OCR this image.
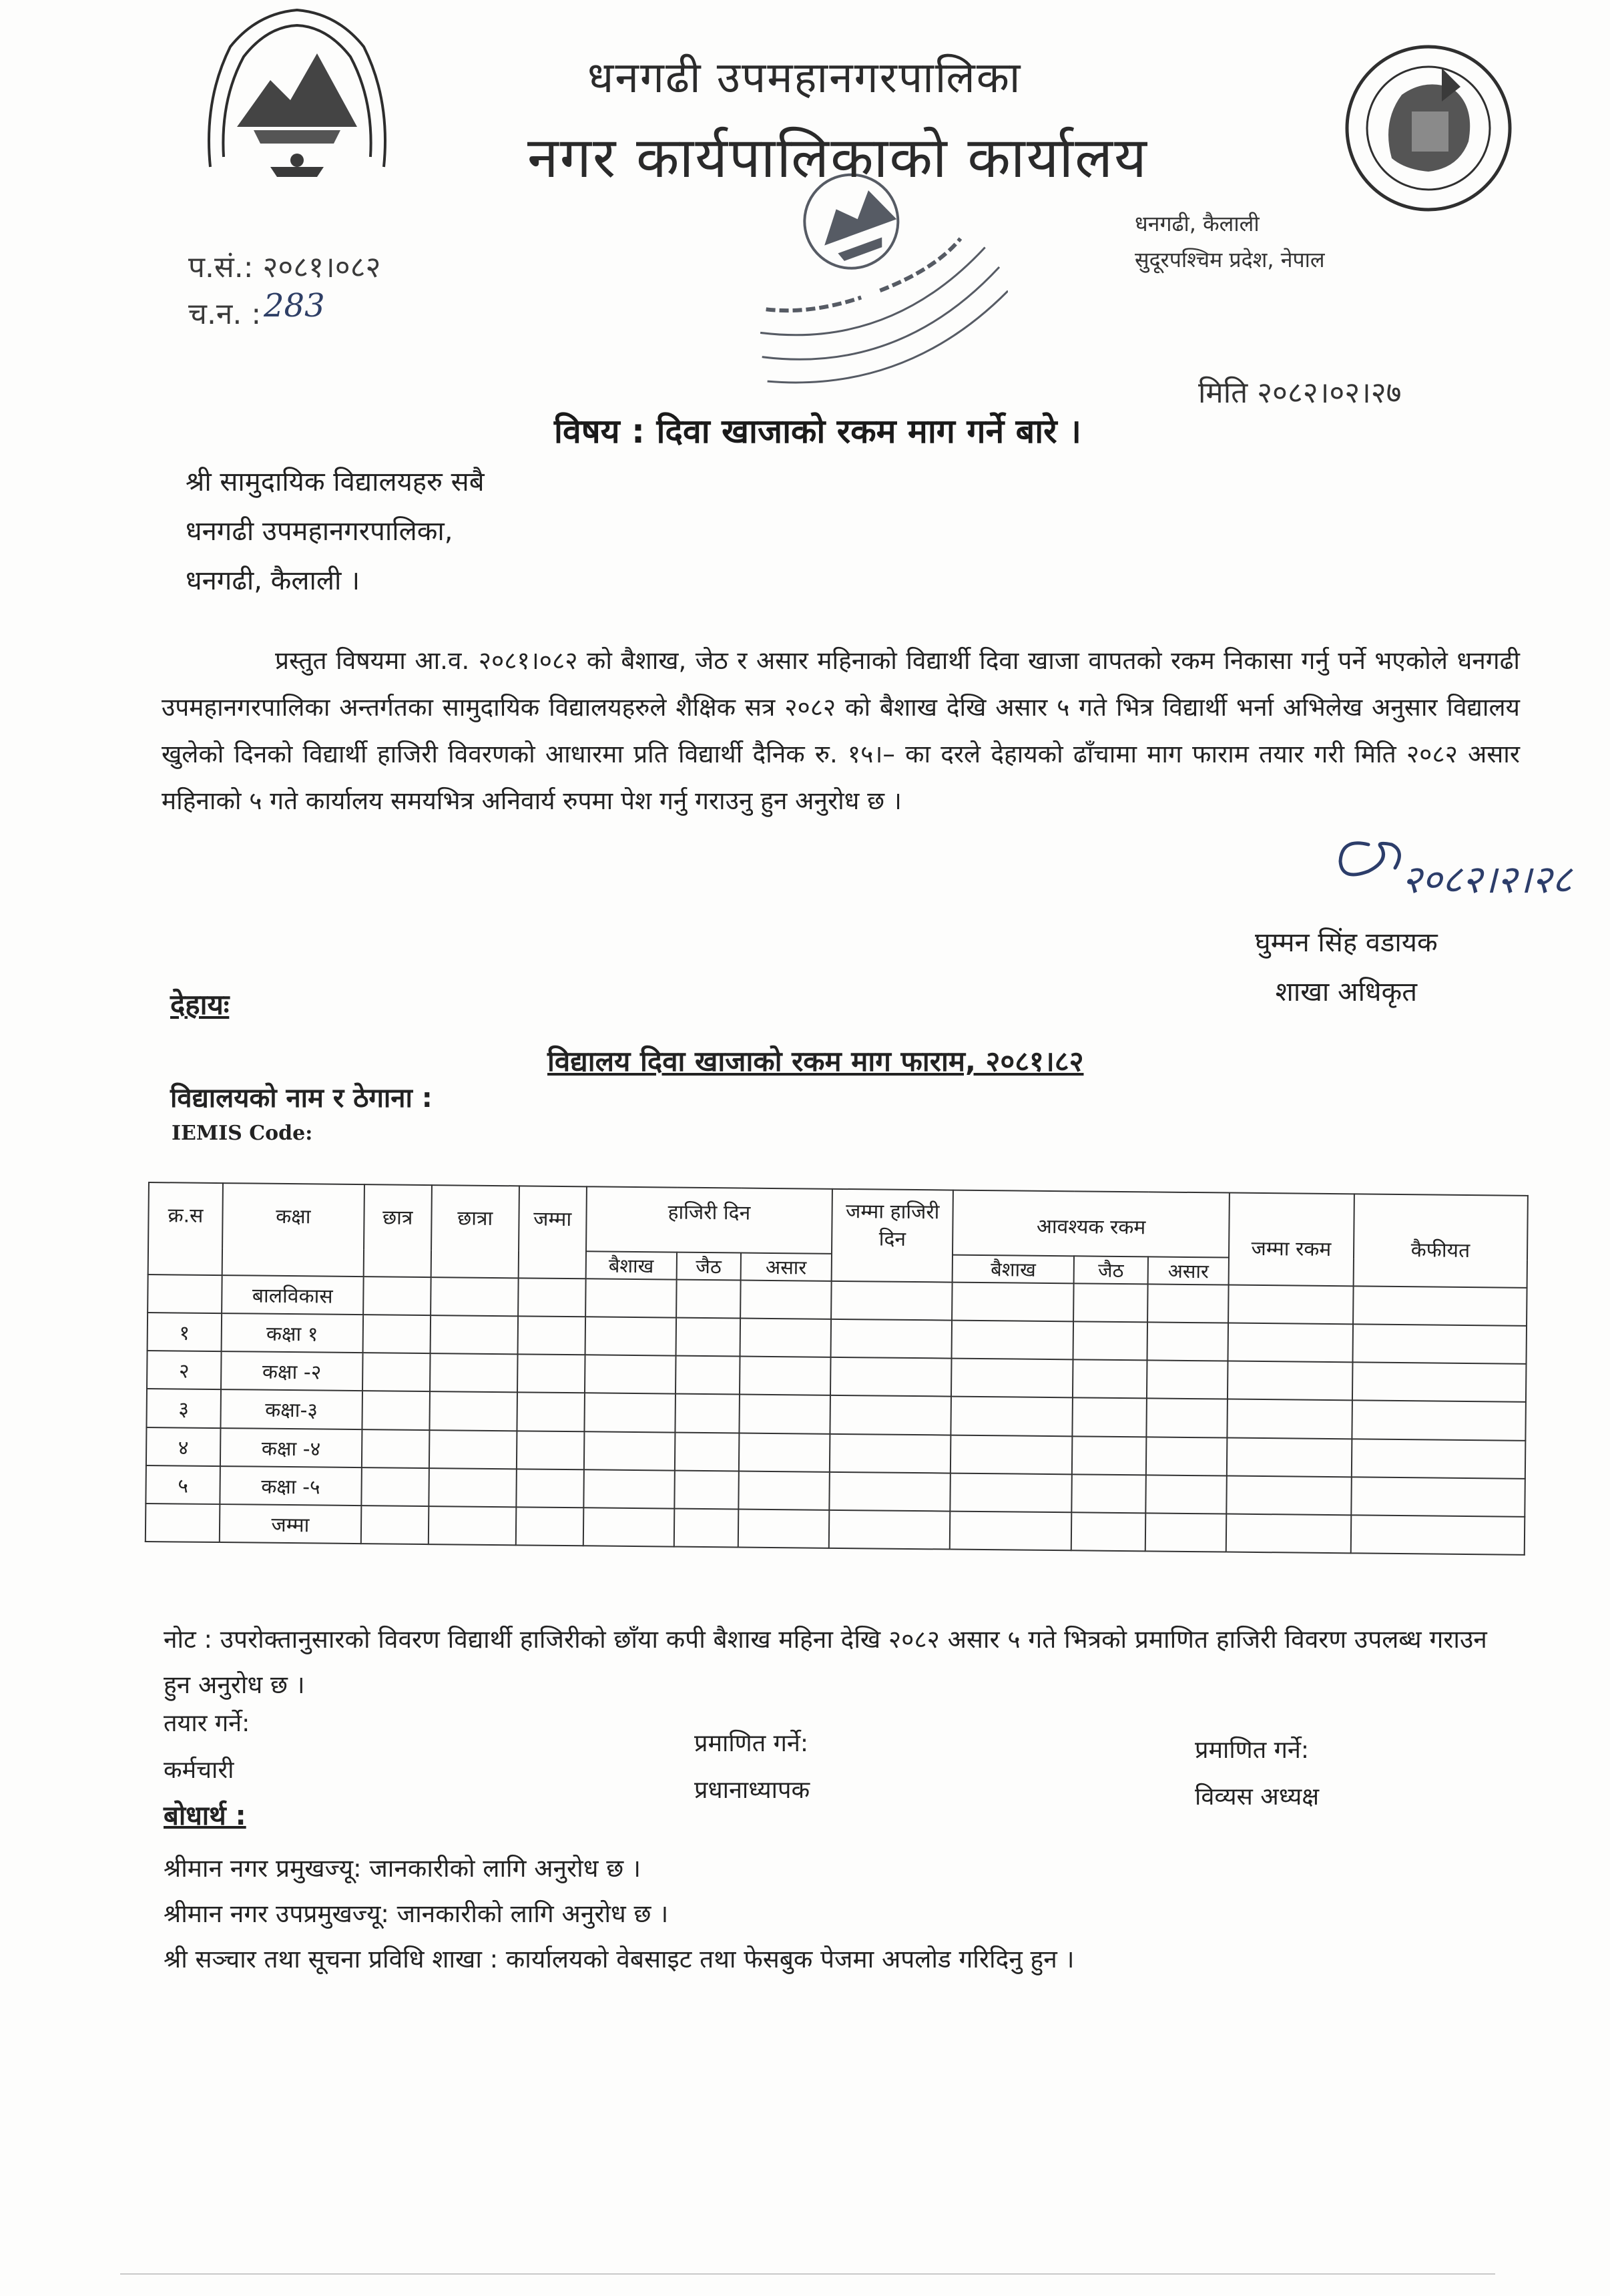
धनगढी उपमहानगरपालिका
नगर कार्यपालिकाको कार्यालय
धनगढी, कैलाली
सुदूरपश्चिम प्रदेश, नेपाल
प.सं.: २०८१।०८२
च.न. : 283
मिति २०८२।०२।२७
विषय : दिवा खाजाको रकम माग गर्ने बारे ।
श्री सामुदायिक विद्यालयहरु सबै
धनगढी उपमहानगरपालिका,
धनगढी, कैलाली ।
प्रस्तुत विषयमा आ.व. २०८१।०८२ को बैशाख, जेठ र असार महिनाको विद्यार्थी दिवा खाजा वापतको रकम निकासा गर्नु पर्ने भएकोले धनगढी उपमहानगरपालिका अन्तर्गतका सामुदायिक विद्यालयहरुले शैक्षिक सत्र २०८२ को बैशाख देखि असार ५ गते भित्र विद्यार्थी भर्ना अभिलेख अनुसार विद्यालय खुलेको दिनको विद्यार्थी हाजिरी विवरणको आधारमा प्रति विद्यार्थी दैनिक रु. १५।– का दरले देहायको ढाँचामा माग फाराम तयार गरी मिति २०८२ असार महिनाको ५ गते कार्यालय समयभित्र अनिवार्य रुपमा पेश गर्नु गराउनु हुन अनुरोध छ ।
२०८२।२।२८
घुम्मन सिंह वडायक
शाखा अधिकृत
देहायः
विद्यालय दिवा खाजाको रकम माग फाराम, २०८१।८२
विद्यालयको नाम र ठेगाना :
IEMIS Code:
क्र.स	कक्षा	छात्र	छात्रा	जम्मा	हाजिरी दिन			जम्मा हाजिरी दिन	आवश्यक रकम			जम्मा रकम	कैफीयत
					बैशाख	जैठ	असार		बैशाख	जैठ	असार		
	बालविकास												
१	कक्षा १												
२	कक्षा -२												
३	कक्षा-३												
४	कक्षा -४												
५	कक्षा -५												
	जम्मा												
नोट : उपरोक्तानुसारको विवरण विद्यार्थी हाजिरीको छाँया कपी बैशाख महिना देखि २०८२ असार ५ गते भित्रको प्रमाणित हाजिरी विवरण उपलब्ध गराउन हुन अनुरोध छ ।
तयार गर्ने:
कर्मचारी
प्रमाणित गर्ने:
प्रधानाध्यापक
प्रमाणित गर्ने:
विव्यस अध्यक्ष
बोधार्थ :
श्रीमान नगर प्रमुखज्यू: जानकारीको लागि अनुरोध छ ।
श्रीमान नगर उपप्रमुखज्यू: जानकारीको लागि अनुरोध छ ।
श्री सञ्चार तथा सूचना प्रविधि शाखा : कार्यालयको वेबसाइट तथा फेसबुक पेजमा अपलोड गरिदिनु हुन ।
